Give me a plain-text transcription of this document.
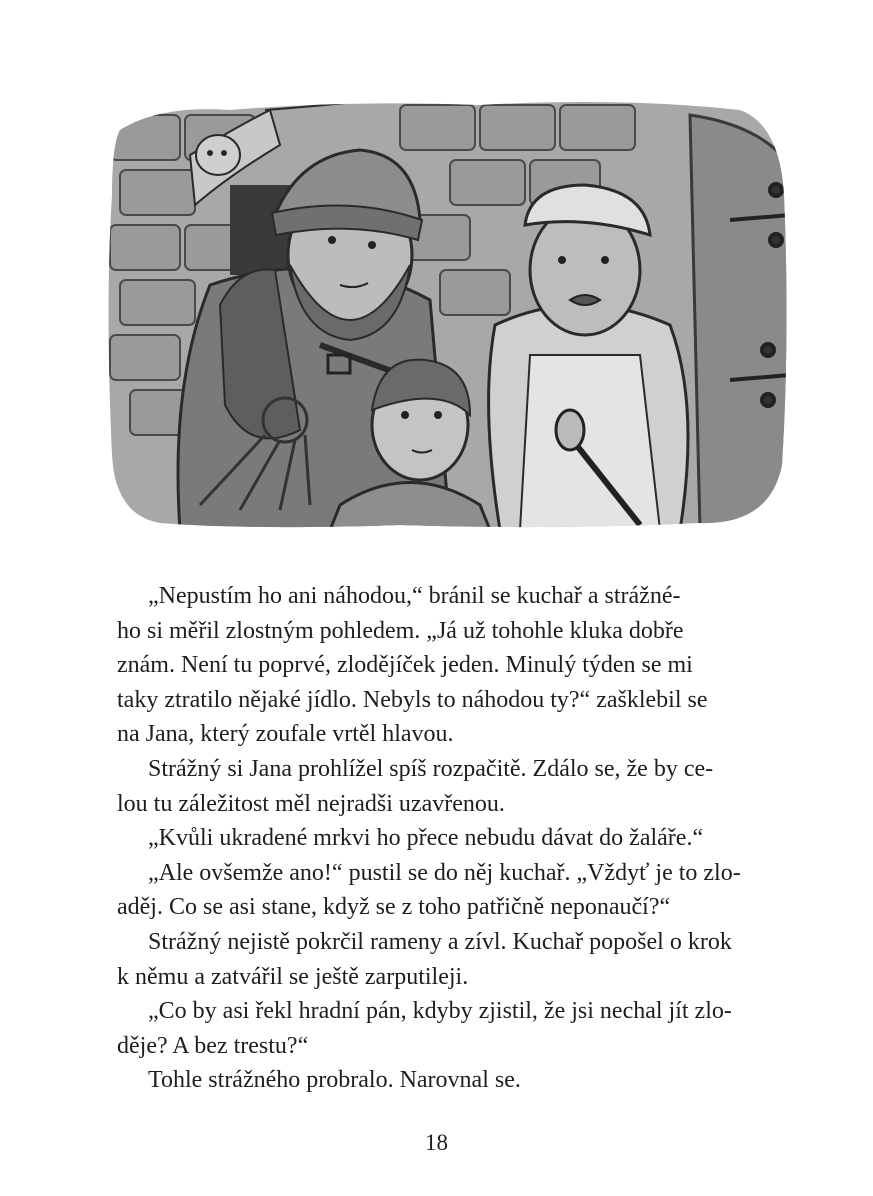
„Nepustím ho ani náhodou,“ bránil se kuchař a strážné-
ho si měřil zlostným pohledem. „Já už tohohle kluka dobře
znám. Není tu poprvé, zlodějíček jeden. Minulý týden se mi
taky ztratilo nějaké jídlo. Nebyls to náhodou ty?“ zašklebil se
na Jana, který zoufale vrtěl hlavou.

Strážný si Jana prohlížel spíš rozpačitě. Zdálo se, že by ce-
lou tu záležitost měl nejradši uzavřenou.

„Kvůli ukradené mrkvi ho přece nebudu dávat do žaláře.“

„Ale ovšemže ano!“ pustil se do něj kuchař. „Vždyť je to zlo-
aděj. Co se asi stane, když se z toho patřičně neponaučí?“

Strážný nejistě pokrčil rameny a zívl. Kuchař popošel o krok
k němu a zatvářil se ještě zarputileji.

„Co by asi řekl hradní pán, kdyby zjistil, že jsi nechal jít zlo-
děje? A bez trestu?“

Tohle strážného probralo. Narovnal se.

18
